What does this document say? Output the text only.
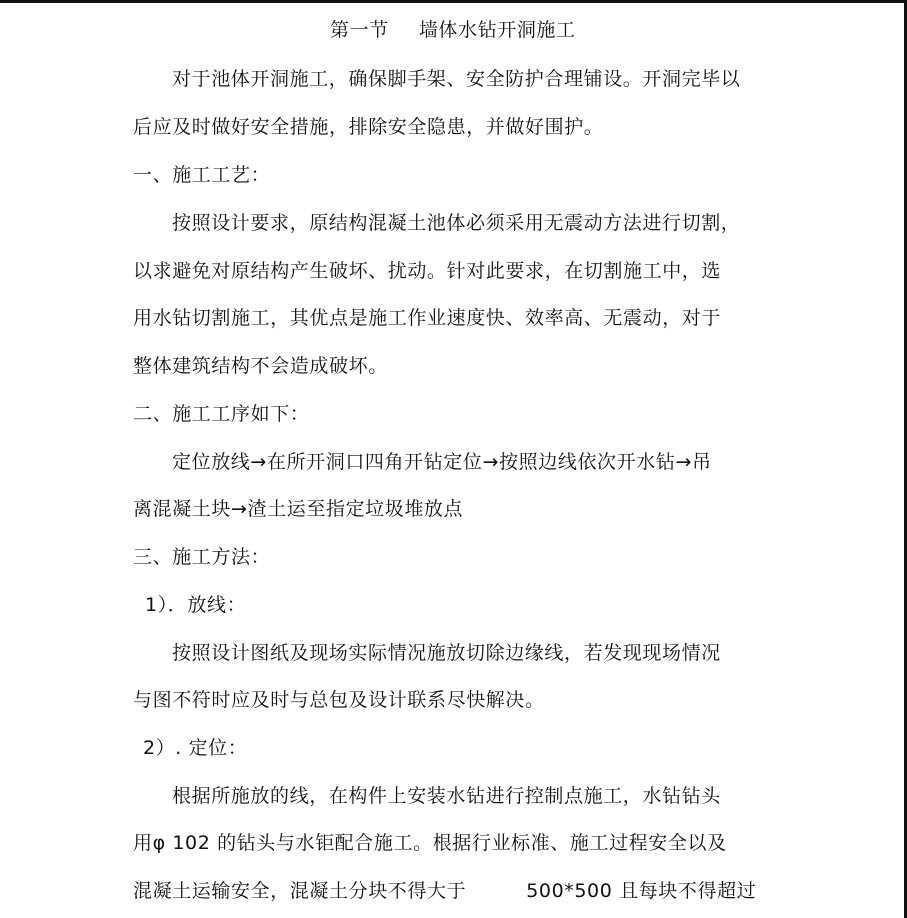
第一节 墙体水钻开洞施工
对于池体开洞施工，确保脚手架、安全防护合理铺设。开洞完毕以
后应及时做好安全措施，排除安全隐患，并做好围护。
一、施工工艺：
按照设计要求，原结构混凝土池体必须采用无震动方法进行切割，
以求避免对原结构产生破坏、扰动。针对此要求，在切割施工中，选
用水钻切割施工，其优点是施工作业速度快、效率高、无震动，对于
整体建筑结构不会造成破坏。
二、施工工序如下：
定位放线→在所开洞口四角开钻定位→按照边线依次开水钻→吊
离混凝土块→渣土运至指定垃圾堆放点
三、施工方法：
1）．放线：
按照设计图纸及现场实际情况施放切除边缘线，若发现现场情况
与图不符时应及时与总包及设计联系尽快解决。
2）. 定位：
根据所施放的线，在构件上安装水钻进行控制点施工，水钻钻头
用φ 102 的钻头与水钜配合施工。根据行业标准、施工过程安全以及
混凝土运输安全，混凝土分块不得大于	500*500 且每块不得超过
